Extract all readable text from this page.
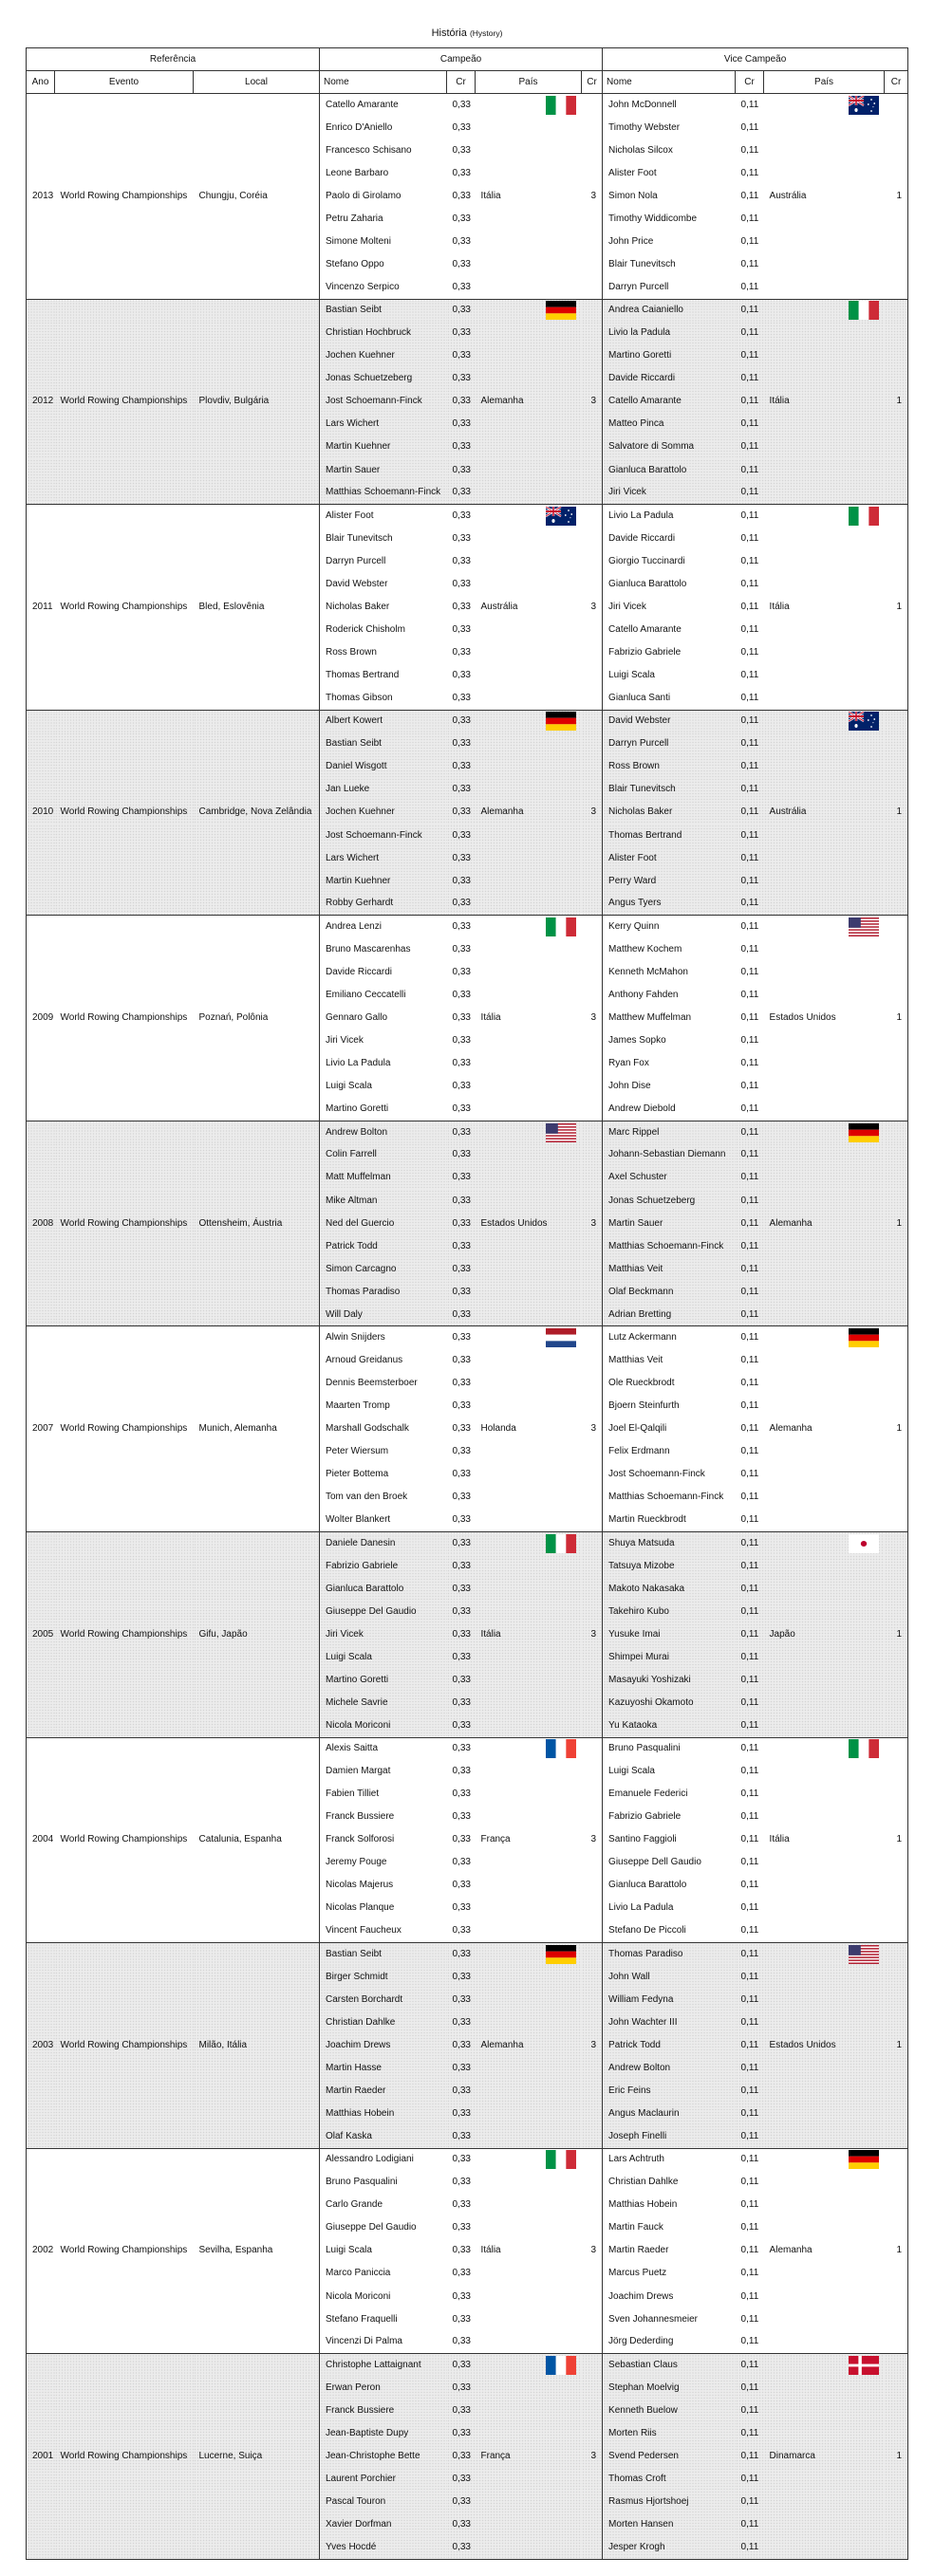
História (Hystory)
Referência			Campeão				Vice Campeão			
Ano	Evento	Local	Nome	Cr	País	Cr	Nome	Cr	País	Cr
			Catello Amarante	0,33			John McDonnell	0,11		
			Enrico D'Aniello	0,33			Timothy Webster	0,11		
			Francesco Schisano	0,33			Nicholas Silcox	0,11		
			Leone Barbaro	0,33			Alister Foot	0,11		
2013	World Rowing Championships	Chungju, Coréia	Paolo di Girolamo	0,33	Itália	3	Simon Nola	0,11	Austrália	1
			Petru Zaharia	0,33			Timothy Widdicombe	0,11		
			Simone Molteni	0,33			John Price	0,11		
			Stefano Oppo	0,33			Blair Tunevitsch	0,11		
			Vincenzo Serpico	0,33			Darryn Purcell	0,11		
			Bastian Seibt	0,33			Andrea Caianiello	0,11		
			Christian Hochbruck	0,33			Livio la Padula	0,11		
			Jochen Kuehner	0,33			Martino Goretti	0,11		
			Jonas Schuetzeberg	0,33			Davide Riccardi	0,11		
2012	World Rowing Championships	Plovdiv, Bulgária	Jost Schoemann-Finck	0,33	Alemanha	3	Catello Amarante	0,11	Itália	1
			Lars Wichert	0,33			Matteo Pinca	0,11		
			Martin Kuehner	0,33			Salvatore di Somma	0,11		
			Martin Sauer	0,33			Gianluca Barattolo	0,11		
			Matthias Schoemann-Finck	0,33			Jiri Vicek	0,11		
			Alister Foot	0,33			Livio La Padula	0,11		
			Blair Tunevitsch	0,33			Davide Riccardi	0,11		
			Darryn Purcell	0,33			Giorgio Tuccinardi	0,11		
			David Webster	0,33			Gianluca Barattolo	0,11		
2011	World Rowing Championships	Bled, Eslovênia	Nicholas Baker	0,33	Austrália	3	Jiri Vicek	0,11	Itália	1
			Roderick Chisholm	0,33			Catello Amarante	0,11		
			Ross Brown	0,33			Fabrizio Gabriele	0,11		
			Thomas Bertrand	0,33			Luigi Scala	0,11		
			Thomas Gibson	0,33			Gianluca Santi	0,11		
			Albert Kowert	0,33			David Webster	0,11		
			Bastian Seibt	0,33			Darryn Purcell	0,11		
			Daniel Wisgott	0,33			Ross Brown	0,11		
			Jan Lueke	0,33			Blair Tunevitsch	0,11		
2010	World Rowing Championships	Cambridge, Nova Zelândia	Jochen Kuehner	0,33	Alemanha	3	Nicholas Baker	0,11	Austrália	1
			Jost Schoemann-Finck	0,33			Thomas Bertrand	0,11		
			Lars Wichert	0,33			Alister Foot	0,11		
			Martin Kuehner	0,33			Perry Ward	0,11		
			Robby Gerhardt	0,33			Angus Tyers	0,11		
			Andrea Lenzi	0,33			Kerry Quinn	0,11		
			Bruno Mascarenhas	0,33			Matthew Kochem	0,11		
			Davide Riccardi	0,33			Kenneth McMahon	0,11		
			Emiliano Ceccatelli	0,33			Anthony Fahden	0,11		
2009	World Rowing Championships	Poznań, Polônia	Gennaro Gallo	0,33	Itália	3	Matthew Muffelman	0,11	Estados Unidos	1
			Jiri Vicek	0,33			James Sopko	0,11		
			Livio La Padula	0,33			Ryan Fox	0,11		
			Luigi Scala	0,33			John Dise	0,11		
			Martino Goretti	0,33			Andrew Diebold	0,11		
			Andrew Bolton	0,33			Marc Rippel	0,11		
			Colin Farrell	0,33			Johann-Sebastian Diemann	0,11		
			Matt Muffelman	0,33			Axel Schuster	0,11		
			Mike Altman	0,33			Jonas Schuetzeberg	0,11		
2008	World Rowing Championships	Ottensheim, Áustria	Ned del Guercio	0,33	Estados Unidos	3	Martin Sauer	0,11	Alemanha	1
			Patrick Todd	0,33			Matthias Schoemann-Finck	0,11		
			Simon Carcagno	0,33			Matthias Veit	0,11		
			Thomas Paradiso	0,33			Olaf Beckmann	0,11		
			Will Daly	0,33			Adrian Bretting	0,11		
			Alwin Snijders	0,33			Lutz Ackermann	0,11		
			Arnoud Greidanus	0,33			Matthias Veit	0,11		
			Dennis Beemsterboer	0,33			Ole Rueckbrodt	0,11		
			Maarten Tromp	0,33			Bjoern Steinfurth	0,11		
2007	World Rowing Championships	Munich, Alemanha	Marshall Godschalk	0,33	Holanda	3	Joel El-Qalqili	0,11	Alemanha	1
			Peter Wiersum	0,33			Felix Erdmann	0,11		
			Pieter Bottema	0,33			Jost Schoemann-Finck	0,11		
			Tom van den Broek	0,33			Matthias Schoemann-Finck	0,11		
			Wolter Blankert	0,33			Martin Rueckbrodt	0,11		
			Daniele Danesin	0,33			Shuya Matsuda	0,11		
			Fabrizio Gabriele	0,33			Tatsuya Mizobe	0,11		
			Gianluca Barattolo	0,33			Makoto Nakasaka	0,11		
			Giuseppe Del Gaudio	0,33			Takehiro Kubo	0,11		
2005	World Rowing Championships	Gifu, Japão	Jiri Vicek	0,33	Itália	3	Yusuke Imai	0,11	Japão	1
			Luigi Scala	0,33			Shimpei Murai	0,11		
			Martino Goretti	0,33			Masayuki Yoshizaki	0,11		
			Michele Savrie	0,33			Kazuyoshi Okamoto	0,11		
			Nicola Moriconi	0,33			Yu Kataoka	0,11		
			Alexis Saitta	0,33			Bruno Pasqualini	0,11		
			Damien Margat	0,33			Luigi Scala	0,11		
			Fabien Tilliet	0,33			Emanuele Federici	0,11		
			Franck Bussiere	0,33			Fabrizio Gabriele	0,11		
2004	World Rowing Championships	Catalunia, Espanha	Franck Solforosi	0,33	França	3	Santino Faggioli	0,11	Itália	1
			Jeremy Pouge	0,33			Giuseppe Dell Gaudio	0,11		
			Nicolas Majerus	0,33			Gianluca Barattolo	0,11		
			Nicolas Planque	0,33			Livio La Padula	0,11		
			Vincent Faucheux	0,33			Stefano De Piccoli	0,11		
			Bastian Seibt	0,33			Thomas Paradiso	0,11		
			Birger Schmidt	0,33			John Wall	0,11		
			Carsten Borchardt	0,33			William Fedyna	0,11		
			Christian Dahlke	0,33			John Wachter III	0,11		
2003	World Rowing Championships	Milão, Itália	Joachim Drews	0,33	Alemanha	3	Patrick Todd	0,11	Estados Unidos	1
			Martin Hasse	0,33			Andrew Bolton	0,11		
			Martin Raeder	0,33			Eric Feins	0,11		
			Matthias Hobein	0,33			Angus Maclaurin	0,11		
			Olaf Kaska	0,33			Joseph Finelli	0,11		
			Alessandro Lodigiani	0,33			Lars Achtruth	0,11		
			Bruno Pasqualini	0,33			Christian Dahlke	0,11		
			Carlo Grande	0,33			Matthias Hobein	0,11		
			Giuseppe Del Gaudio	0,33			Martin Fauck	0,11		
2002	World Rowing Championships	Sevilha, Espanha	Luigi Scala	0,33	Itália	3	Martin Raeder	0,11	Alemanha	1
			Marco Paniccia	0,33			Marcus Puetz	0,11		
			Nicola Moriconi	0,33			Joachim Drews	0,11		
			Stefano Fraquelli	0,33			Sven Johannesmeier	0,11		
			Vincenzi Di Palma	0,33			Jörg Dederding	0,11		
			Christophe Lattaignant	0,33			Sebastian Claus	0,11		
			Erwan Peron	0,33			Stephan Moelvig	0,11		
			Franck Bussiere	0,33			Kenneth Buelow	0,11		
			Jean-Baptiste Dupy	0,33			Morten Riis	0,11		
2001	World Rowing Championships	Lucerne, Suiça	Jean-Christophe Bette	0,33	França	3	Svend Pedersen	0,11	Dinamarca	1
			Laurent Porchier	0,33			Thomas Croft	0,11		
			Pascal Touron	0,33			Rasmus Hjortshoej	0,11		
			Xavier Dorfman	0,33			Morten Hansen	0,11		
			Yves Hocdé	0,33			Jesper Krogh	0,11		
